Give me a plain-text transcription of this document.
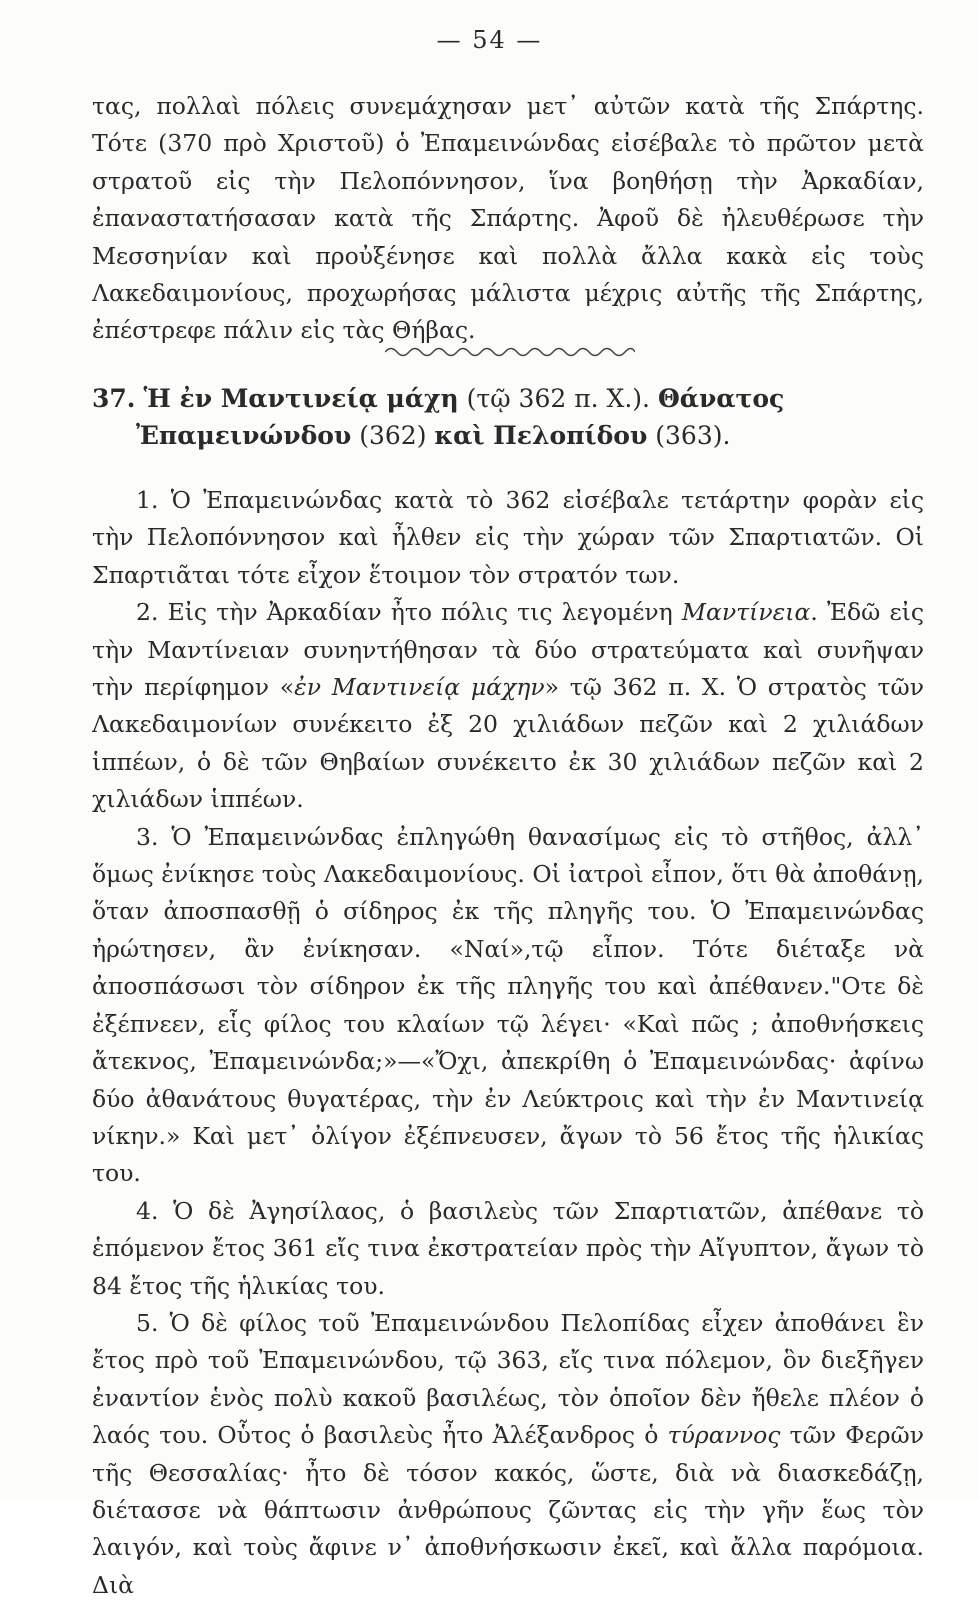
— 54 —

τας, πολλαὶ πόλεις συνεμάχησαν μετ᾽ αὐτῶν κατὰ τῆς Σπάρτης. Τότε (370 πρὸ Χριστοῦ) ὁ Ἐπαμεινώνδας εἰσέβαλε τὸ πρῶτον μετὰ στρατοῦ εἰς τὴν Πελοπόννησον, ἵνα βοηθήσῃ τὴν Ἀρκαδίαν, ἐπαναστατήσασαν κατὰ τῆς Σπάρτης. Ἀφοῦ δὲ ἠλευθέρωσε τὴν Μεσσηνίαν καὶ προὐξένησε καὶ πολλὰ ἄλλα κακὰ εἰς τοὺς Λακεδαιμονίους, προχωρήσας μάλιστα μέχρις αὐτῆς τῆς Σπάρτης, ἐπέστρεφε πάλιν εἰς τὰς Θήβας.

37. Ἡ ἐν Μαντινείᾳ μάχη (τῷ 362 π. Χ.). Θάνατος
Ἐπαμεινώνδου (362) καὶ Πελοπίδου (363).

1. Ὁ Ἐπαμεινώνδας κατὰ τὸ 362 εἰσέβαλε τετάρτην φορὰν εἰς τὴν Πελοπόννησον καὶ ἦλθεν εἰς τὴν χώραν τῶν Σπαρτιατῶν. Οἱ Σπαρτιᾶται τότε εἶχον ἕτοιμον τὸν στρατόν των.

2. Εἰς τὴν Ἀρκαδίαν ἦτο πόλις τις λεγομένη Μαντίνεια. Ἐδῶ εἰς τὴν Μαντίνειαν συνηντήθησαν τὰ δύο στρατεύματα καὶ συνῆψαν τὴν περίφημον «ἐν Μαντινείᾳ μάχην» τῷ 362 π. Χ. Ὁ στρατὸς τῶν Λακεδαιμονίων συνέκειτο ἐξ 20 χιλιάδων πεζῶν καὶ 2 χιλιάδων ἱππέων, ὁ δὲ τῶν Θηβαίων συνέκειτο ἐκ 30 χιλιάδων πεζῶν καὶ 2 χιλιάδων ἱππέων.

3. Ὁ Ἐπαμεινώνδας ἐπληγώθη θανασίμως εἰς τὸ στῆθος, ἀλλ᾽ ὅμως ἐνίκησε τοὺς Λακεδαιμονίους. Οἱ ἰατροὶ εἶπον, ὅτι θὰ ἀποθάνῃ, ὅταν ἀποσπασθῇ ὁ σίδηρος ἐκ τῆς πληγῆς του. Ὁ Ἐπαμεινώνδας ἠρώτησεν, ἂν ἐνίκησαν. «Ναί»,τῷ εἶπον. Τότε διέταξε νὰ ἀποσπάσωσι τὸν σίδηρον ἐκ τῆς πληγῆς του καὶ ἀπέθανεν."Οτε δὲ ἐξέπνεεν, εἷς φίλος του κλαίων τῷ λέγει· «Καὶ πῶς ; ἀποθνήσκεις ἄτεκνος, Ἐπαμεινώνδα;»—«Ὄχι, ἀπεκρίθη ὁ Ἐπαμεινώνδας· ἀφίνω δύο ἀθανάτους θυγατέρας, τὴν ἐν Λεύκτροις καὶ τὴν ἐν Μαντινείᾳ νίκην.» Καὶ μετ᾽ ὀλίγον ἐξέπνευσεν, ἄγων τὸ 56 ἔτος τῆς ἡλικίας του.

4. Ὁ δὲ Ἀγησίλαος, ὁ βασιλεὺς τῶν Σπαρτιατῶν, ἀπέθανε τὸ ἑπόμενον ἔτος 361 εἴς τινα ἐκστρατείαν πρὸς τὴν Αἴγυπτον, ἄγων τὸ 84 ἔτος τῆς ἡλικίας του.

5. Ὁ δὲ φίλος τοῦ Ἐπαμεινώνδου Πελοπίδας εἶχεν ἀποθάνει ἓν ἔτος πρὸ τοῦ Ἐπαμεινώνδου, τῷ 363, εἴς τινα πόλεμον, ὃν διεξῆγεν ἐναντίον ἑνὸς πολὺ κακοῦ βασιλέως, τὸν ὁποῖον δὲν ἤθελε πλέον ὁ λαός του. Οὗτος ὁ βασιλεὺς ἦτο Ἀλέξανδρος ὁ τύραννος τῶν Φερῶν τῆς Θεσσαλίας· ἦτο δὲ τόσον κακός, ὥστε, διὰ νὰ διασκεδάζῃ, διέτασσε νὰ θάπτωσιν ἀνθρώπους ζῶντας εἰς τὴν γῆν ἕως τὸν λαιγόν, καὶ τοὺς ἄφινε ν᾽ ἀποθνήσκωσιν ἐκεῖ, καὶ ἄλλα παρόμοια. Διὰ
